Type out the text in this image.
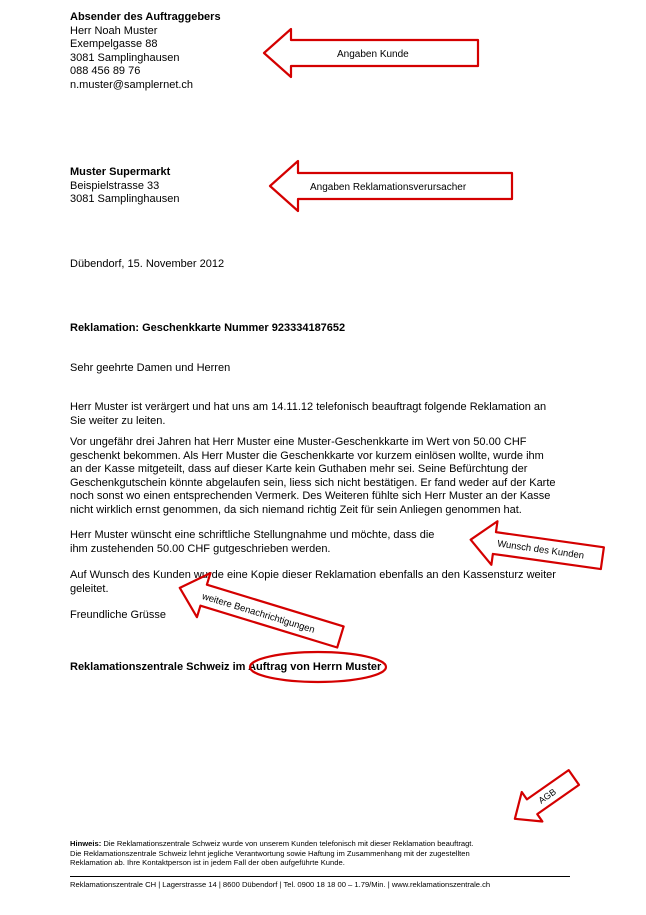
Absender des Auftraggebers
Herr Noah Muster
Exempelgasse 88
3081 Samplinghausen
088 456 89 76
n.muster@samplernet.ch
Muster Supermarkt
Beispielstrasse 33
3081 Samplinghausen
Dübendorf, 15. November 2012
Reklamation: Geschenkkarte Nummer 923334187652
Sehr geehrte Damen und Herren
Herr Muster ist verärgert und hat uns am 14.11.12 telefonisch beauftragt folgende Reklamation an
Sie weiter zu leiten.
Vor ungefähr drei Jahren hat Herr Muster eine Muster-Geschenkkarte im Wert von 50.00 CHF
geschenkt bekommen. Als Herr Muster die Geschenkkarte vor kurzem einlösen wollte, wurde ihm
an der Kasse mitgeteilt, dass auf dieser Karte kein Guthaben mehr sei. Seine Befürchtung der
Geschenkgutschein könnte abgelaufen sein, liess sich nicht bestätigen. Er fand weder auf der Karte
noch sonst wo einen entsprechenden Vermerk. Des Weiteren fühlte sich Herr Muster an der Kasse
nicht wirklich ernst genommen, da sich niemand richtig Zeit für sein Anliegen genommen hat.
Herr Muster wünscht eine schriftliche Stellungnahme und möchte, dass die
ihm zustehenden 50.00 CHF gutgeschrieben werden.
Auf Wunsch des Kunden wurde eine Kopie dieser Reklamation ebenfalls an den Kassensturz weiter
geleitet.
Freundliche Grüsse
Reklamationszentrale Schweiz im Auftrag von Herrn Muster
Angaben Kunde
Angaben Reklamationsverursacher
Wunsch des Kunden
weitere Benachrichtigungen
AGB
Hinweis: Die Reklamationszentrale Schweiz wurde von unserem Kunden telefonisch mit dieser Reklamation beauftragt.
Die Reklamationszentrale Schweiz lehnt jegliche Verantwortung sowie Haftung im Zusammenhang mit der zugestellten
Reklamation ab. Ihre Kontaktperson ist in jedem Fall der oben aufgeführte Kunde.
Reklamationszentrale CH | Lagerstrasse 14 | 8600 Dübendorf | Tel. 0900 18 18 00 – 1.79/Min. | www.reklamationszentrale.ch
